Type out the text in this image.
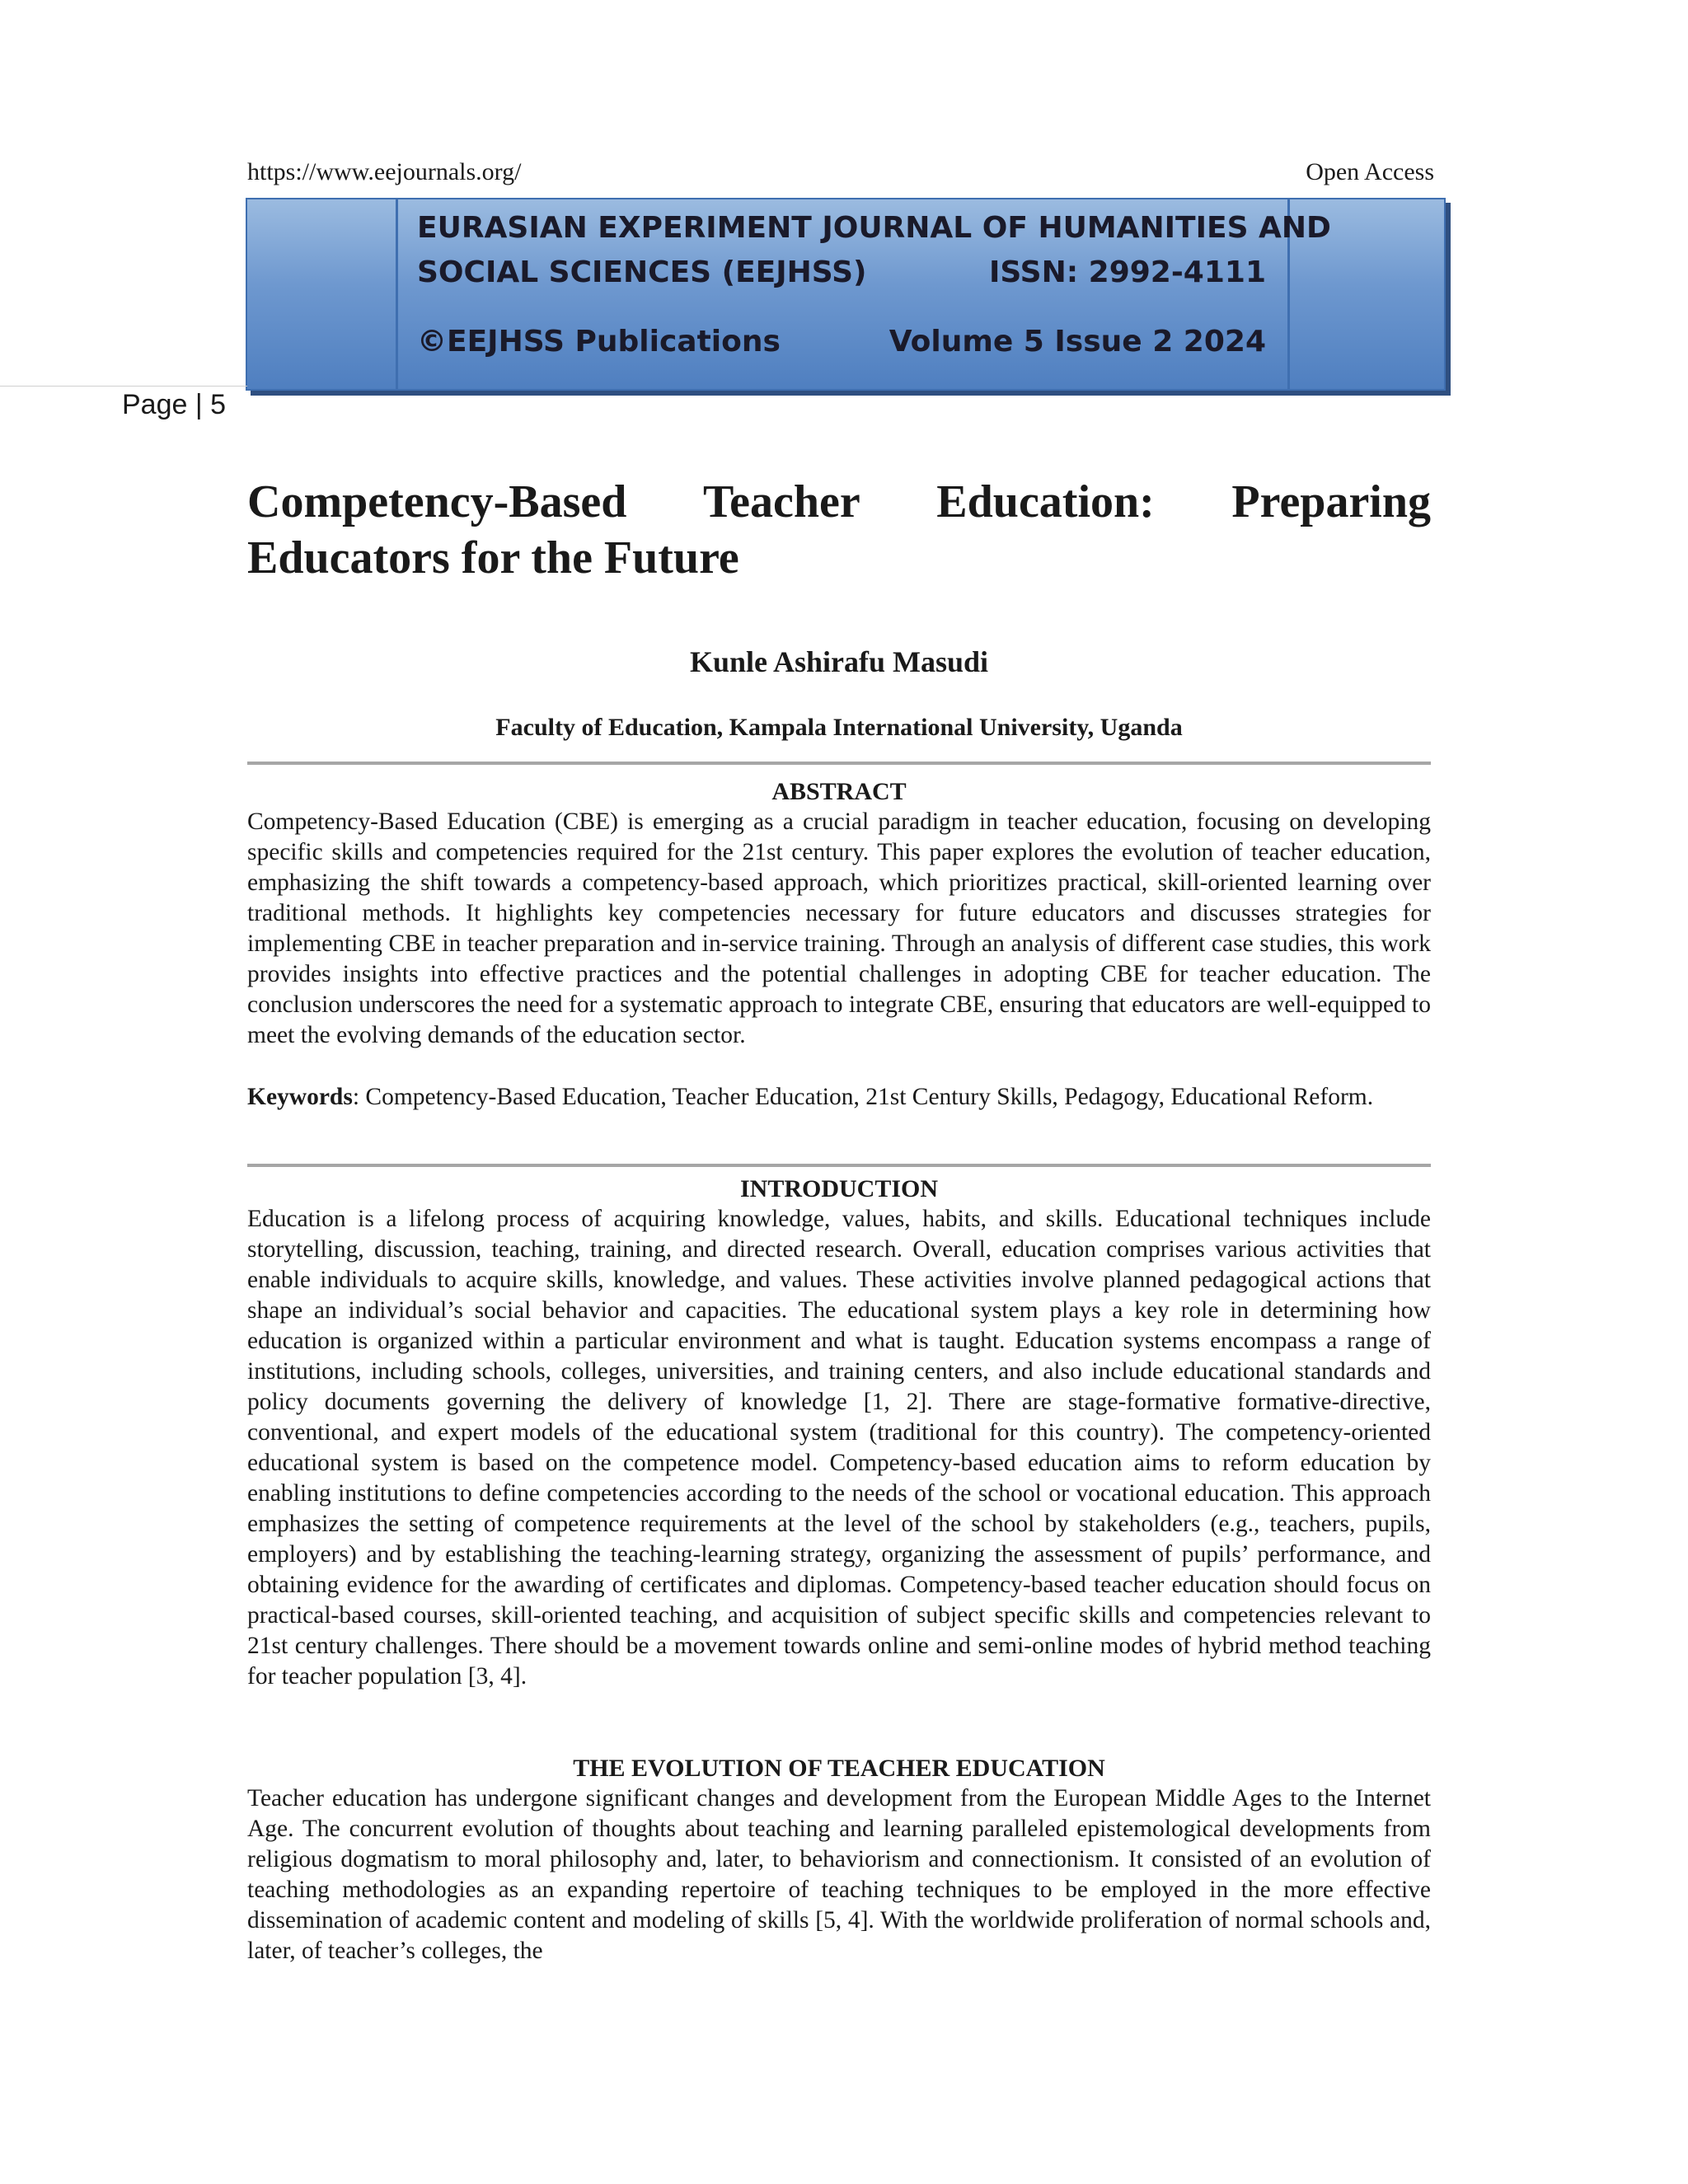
https://www.eejournals.org/	Open Access
EURASIAN EXPERIMENT JOURNAL OF HUMANITIES AND
SOCIAL SCIENCES (EEJHSS)	ISSN: 2992-4111
©EEJHSS Publications	Volume 5 Issue 2 2024
Page | 5
Competency-Based Teacher Education: Preparing Educators for the Future
Kunle Ashirafu Masudi
Faculty of Education, Kampala International University, Uganda
ABSTRACT
Competency-Based Education (CBE) is emerging as a crucial paradigm in teacher education, focusing on developing specific skills and competencies required for the 21st century. This paper explores the evolution of teacher education, emphasizing the shift towards a competency-based approach, which prioritizes practical, skill-oriented learning over traditional methods. It highlights key competencies necessary for future educators and discusses strategies for implementing CBE in teacher preparation and in-service training. Through an analysis of different case studies, this work provides insights into effective practices and the potential challenges in adopting CBE for teacher education. The conclusion underscores the need for a systematic approach to integrate CBE, ensuring that educators are well-equipped to meet the evolving demands of the education sector.
Keywords: Competency-Based Education, Teacher Education, 21st Century Skills, Pedagogy, Educational Reform.
INTRODUCTION
Education is a lifelong process of acquiring knowledge, values, habits, and skills. Educational techniques include storytelling, discussion, teaching, training, and directed research. Overall, education comprises various activities that enable individuals to acquire skills, knowledge, and values. These activities involve planned pedagogical actions that shape an individual’s social behavior and capacities. The educational system plays a key role in determining how education is organized within a particular environment and what is taught. Education systems encompass a range of institutions, including schools, colleges, universities, and training centers, and also include educational standards and policy documents governing the delivery of knowledge [1, 2]. There are stage-formative formative-directive, conventional, and expert models of the educational system (traditional for this country). The competency-oriented educational system is based on the competence model. Competency-based education aims to reform education by enabling institutions to define competencies according to the needs of the school or vocational education. This approach emphasizes the setting of competence requirements at the level of the school by stakeholders (e.g., teachers, pupils, employers) and by establishing the teaching-learning strategy, organizing the assessment of pupils’ performance, and obtaining evidence for the awarding of certificates and diplomas. Competency-based teacher education should focus on practical-based courses, skill-oriented teaching, and acquisition of subject specific skills and competencies relevant to 21st century challenges. There should be a movement towards online and semi-online modes of hybrid method teaching for teacher population [3, 4].
THE EVOLUTION OF TEACHER EDUCATION
Teacher education has undergone significant changes and development from the European Middle Ages to the Internet Age. The concurrent evolution of thoughts about teaching and learning paralleled epistemological developments from religious dogmatism to moral philosophy and, later, to behaviorism and connectionism. It consisted of an evolution of teaching methodologies as an expanding repertoire of teaching techniques to be employed in the more effective dissemination of academic content and modeling of skills [5, 4]. With the worldwide proliferation of normal schools and, later, of teacher’s colleges, the
